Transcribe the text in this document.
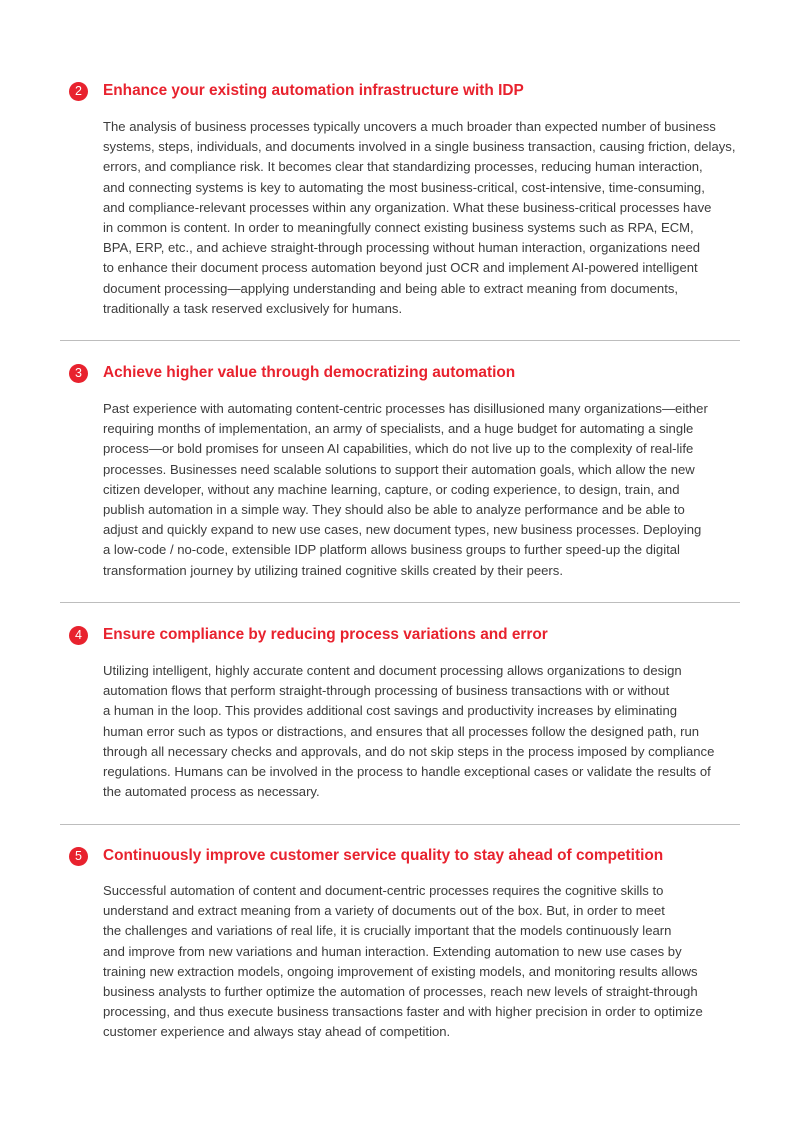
2	Enhance your existing automation infrastructure with IDP
The analysis of business processes typically uncovers a much broader than expected number of business
systems, steps, individuals, and documents involved in a single business transaction, causing friction, delays,
errors, and compliance risk. It becomes clear that standardizing processes, reducing human interaction,
and connecting systems is key to automating the most business-critical, cost-intensive, time-consuming,
and compliance-relevant processes within any organization. What these business-critical processes have
in common is content. In order to meaningfully connect existing business systems such as RPA, ECM,
BPA, ERP, etc., and achieve straight-through processing without human interaction, organizations need
to enhance their document process automation beyond just OCR and implement AI-powered intelligent
document processing—applying understanding and being able to extract meaning from documents,
traditionally a task reserved exclusively for humans.
3	Achieve higher value through democratizing automation
Past experience with automating content-centric processes has disillusioned many organizations—either
requiring months of implementation, an army of specialists, and a huge budget for automating a single
process—or bold promises for unseen AI capabilities, which do not live up to the complexity of real-life
processes. Businesses need scalable solutions to support their automation goals, which allow the new
citizen developer, without any machine learning, capture, or coding experience, to design, train, and
publish automation in a simple way. They should also be able to analyze performance and be able to
adjust and quickly expand to new use cases, new document types, new business processes. Deploying
a low-code / no-code, extensible IDP platform allows business groups to further speed-up the digital
transformation journey by utilizing trained cognitive skills created by their peers.
4	Ensure compliance by reducing process variations and error
Utilizing intelligent, highly accurate content and document processing allows organizations to design
automation flows that perform straight-through processing of business transactions with or without
a human in the loop. This provides additional cost savings and productivity increases by eliminating
human error such as typos or distractions, and ensures that all processes follow the designed path, run
through all necessary checks and approvals, and do not skip steps in the process imposed by compliance
regulations. Humans can be involved in the process to handle exceptional cases or validate the results of
the automated process as necessary.
5	Continuously improve customer service quality to stay ahead of competition
Successful automation of content and document-centric processes requires the cognitive skills to
understand and extract meaning from a variety of documents out of the box. But, in order to meet
the challenges and variations of real life, it is crucially important that the models continuously learn
and improve from new variations and human interaction. Extending automation to new use cases by
training new extraction models, ongoing improvement of existing models, and monitoring results allows
business analysts to further optimize the automation of processes, reach new levels of straight-through
processing, and thus execute business transactions faster and with higher precision in order to optimize
customer experience and always stay ahead of competition.
